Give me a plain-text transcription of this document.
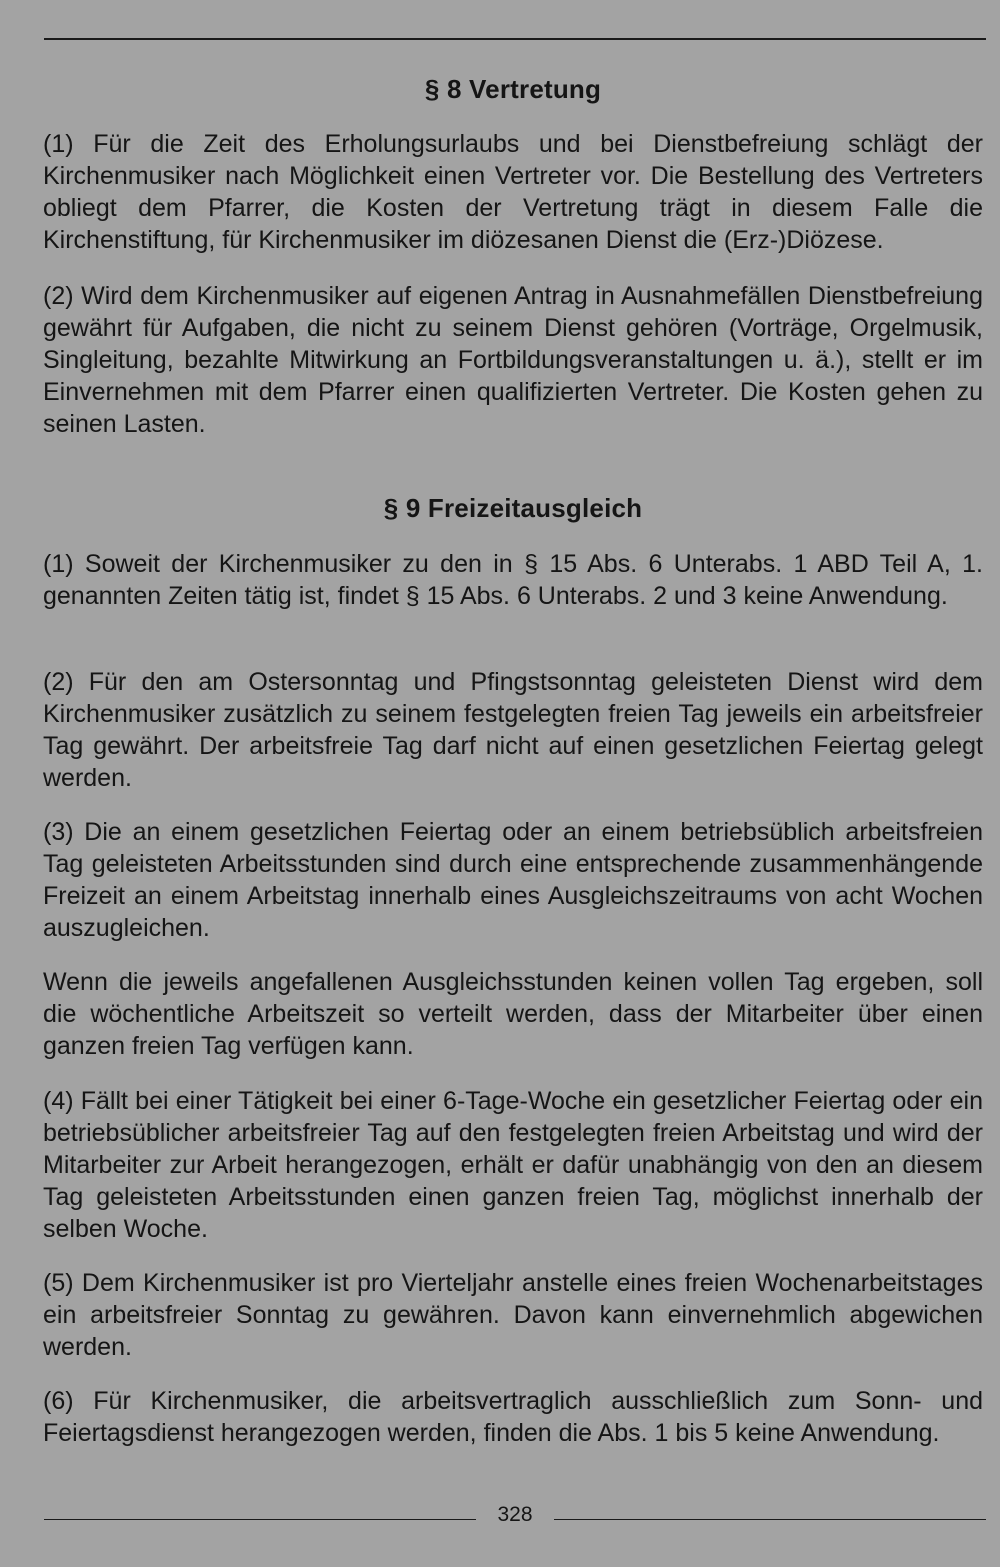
§ 8 Vertretung

(1) Für die Zeit des Erholungsurlaubs und bei Dienstbefreiung schlägt der Kirchenmusiker nach Möglichkeit einen Vertreter vor. Die Bestellung des Vertreters obliegt dem Pfarrer, die Kosten der Vertretung trägt in diesem Falle die Kirchenstiftung, für Kirchenmusiker im diözesanen Dienst die (Erz-)Diözese.

(2) Wird dem Kirchenmusiker auf eigenen Antrag in Ausnahmefällen Dienstbefreiung gewährt für Aufgaben, die nicht zu seinem Dienst gehören (Vorträge, Orgelmusik, Singleitung, bezahlte Mitwirkung an Fortbildungsveranstaltungen u. ä.), stellt er im Einvernehmen mit dem Pfarrer einen qualifizierten Vertreter. Die Kosten gehen zu seinen Lasten.

§ 9 Freizeitausgleich

(1) Soweit der Kirchenmusiker zu den in § 15 Abs. 6 Unterabs. 1 ABD Teil A, 1. genannten Zeiten tätig ist, findet § 15 Abs. 6 Unterabs. 2 und 3 keine Anwendung.

(2) Für den am Ostersonntag und Pfingstsonntag geleisteten Dienst wird dem Kirchenmusiker zusätzlich zu seinem festgelegten freien Tag jeweils ein arbeitsfreier Tag gewährt. Der arbeitsfreie Tag darf nicht auf einen gesetzlichen Feiertag gelegt werden.

(3) Die an einem gesetzlichen Feiertag oder an einem betriebsüblich arbeitsfreien Tag geleisteten Arbeitsstunden sind durch eine entsprechende zusammenhängende Freizeit an einem Arbeitstag innerhalb eines Ausgleichszeitraums von acht Wochen auszugleichen.

Wenn die jeweils angefallenen Ausgleichsstunden keinen vollen Tag ergeben, soll die wöchentliche Arbeitszeit so verteilt werden, dass der Mitarbeiter über einen ganzen freien Tag verfügen kann.

(4) Fällt bei einer Tätigkeit bei einer 6-Tage-Woche ein gesetzlicher Feiertag oder ein betriebsüblicher arbeitsfreier Tag auf den festgelegten freien Arbeitstag und wird der Mitarbeiter zur Arbeit herangezogen, erhält er dafür unabhängig von den an diesem Tag geleisteten Arbeitsstunden einen ganzen freien Tag, möglichst innerhalb der selben Woche.

(5) Dem Kirchenmusiker ist pro Vierteljahr anstelle eines freien Wochenarbeitstages ein arbeitsfreier Sonntag zu gewähren. Davon kann einvernehmlich abgewichen werden.

(6) Für Kirchenmusiker, die arbeitsvertraglich ausschließlich zum Sonn- und Feiertagsdienst herangezogen werden, finden die Abs. 1 bis 5 keine Anwendung.

328
